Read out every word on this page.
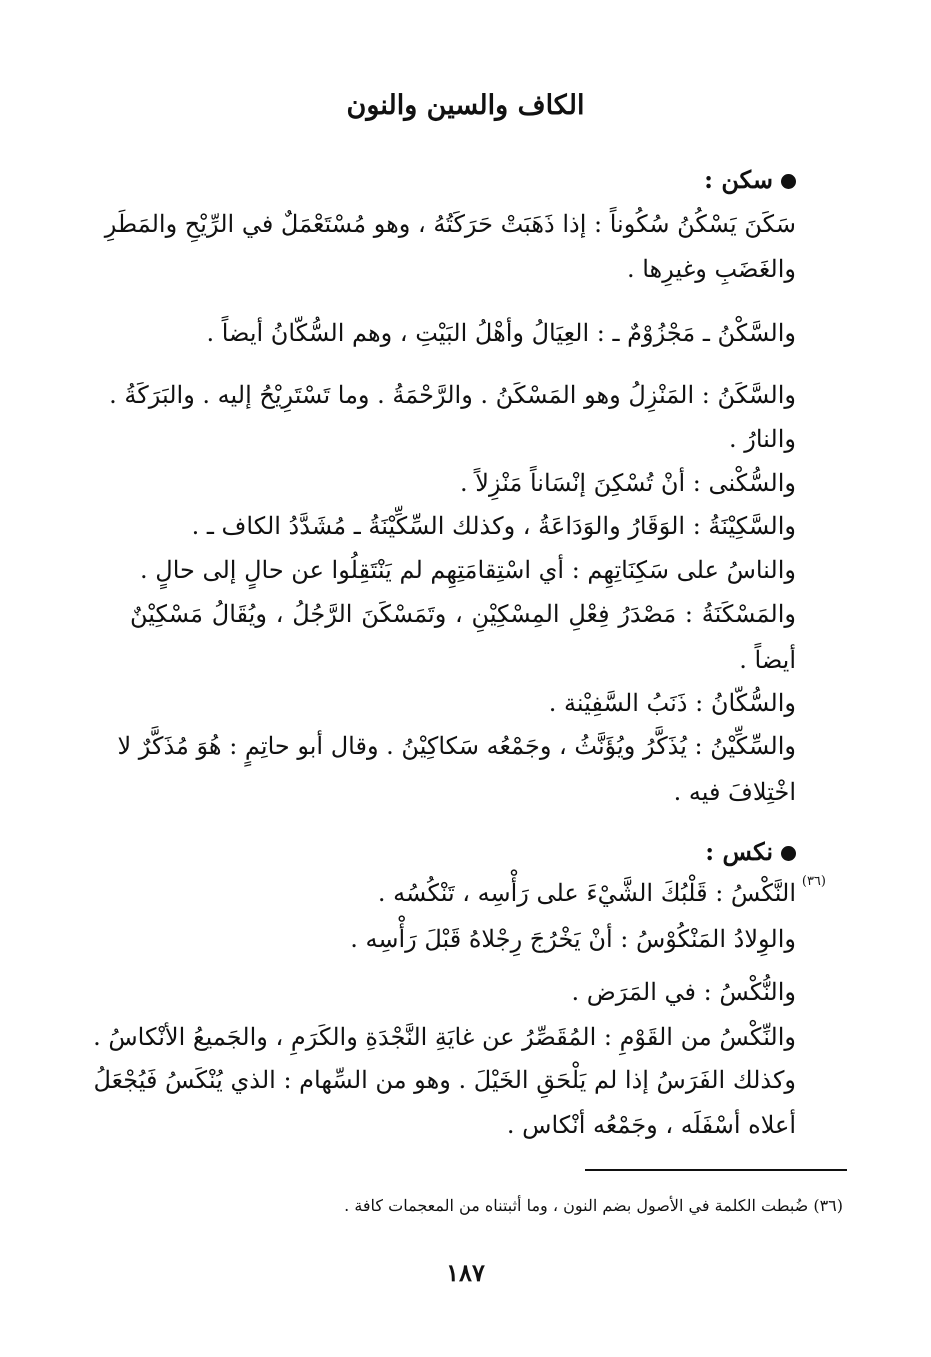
الكاف والسين والنون
سكن :
سَكَنَ يَسْكُنُ سُكُوناً : إذا ذَهَبَتْ حَرَكَتُهُ ، وهو مُسْتَعْمَلٌ في الرِّيْحِ والمَطَرِ
والغَضَبِ وغيرِها .
والسَّكْنُ ـ مَجْزُوْمٌ ـ : العِيَالُ وأهْلُ البَيْتِ ، وهم السُّكّانُ أيضاً .
والسَّكَنُ : المَنْزِلُ وهو المَسْكَنُ . والرَّحْمَةُ . وما تَسْتَرِيْحُ إليه . والبَرَكَةُ .
والنارُ .
والسُّكْنى : أنْ تُسْكِنَ إنْسَاناً مَنْزِلاً .
والسَّكِيْنَةُ : الوَقَارُ والوَدَاعَةُ ، وكذلك السِّكِّيْنَةُ ـ مُشَدَّدُ الكاف ـ .
والناسُ على سَكِنَاتِهِم : أي اسْتِقامَتِهِم لم يَنْتَقِلُوا عن حالٍ إلى حالٍ .
والمَسْكَنَةُ : مَصْدَرُ فِعْلِ المِسْكِيْنِ ، وتَمَسْكَنَ الرَّجُلُ ، ويُقَالُ مَسْكِيْنٌ
أيضاً .
والسُّكّانُ : ذَنَبُ السَّفِيْنة .
والسِّكِّيْنُ : يُذَكَّرُ ويُؤَنَّثُ ، وجَمْعُه سَكاكِيْنُ . وقال أبو حاتِمٍ : هُوَ مُذَكَّرٌ لا
اخْتِلافَ فيه .
نكس :
النَّكْسُ : قَلْبُكَ الشَّيْءَ على رَأْسِه ، تَنْكُسُه .
والوِلادُ المَنْكُوْسُ : أنْ يَخْرُجَ رِجْلاهُ قَبْلَ رَأْسِه .
والنُّكْسُ : في المَرَض .
والنِّكْسُ من القَوْمِ : المُقَصِّرُ عن غايَةِ النَّجْدَةِ والكَرَمِ ، والجَميعُ الأنْكاسُ .
وكذلك الفَرَسُ إذا لم يَلْحَقِ الخَيْلَ . وهو من السِّهام : الذي يُنْكَسُ فَيُجْعَلُ
أعلاه أسْفَلَه ، وجَمْعُه أنْكاس .
(٣٦)
(٣٦) ضُبطت الكلمة في الأصول بضم النون ، وما أثبتناه من المعجمات كافة .
١٨٧
